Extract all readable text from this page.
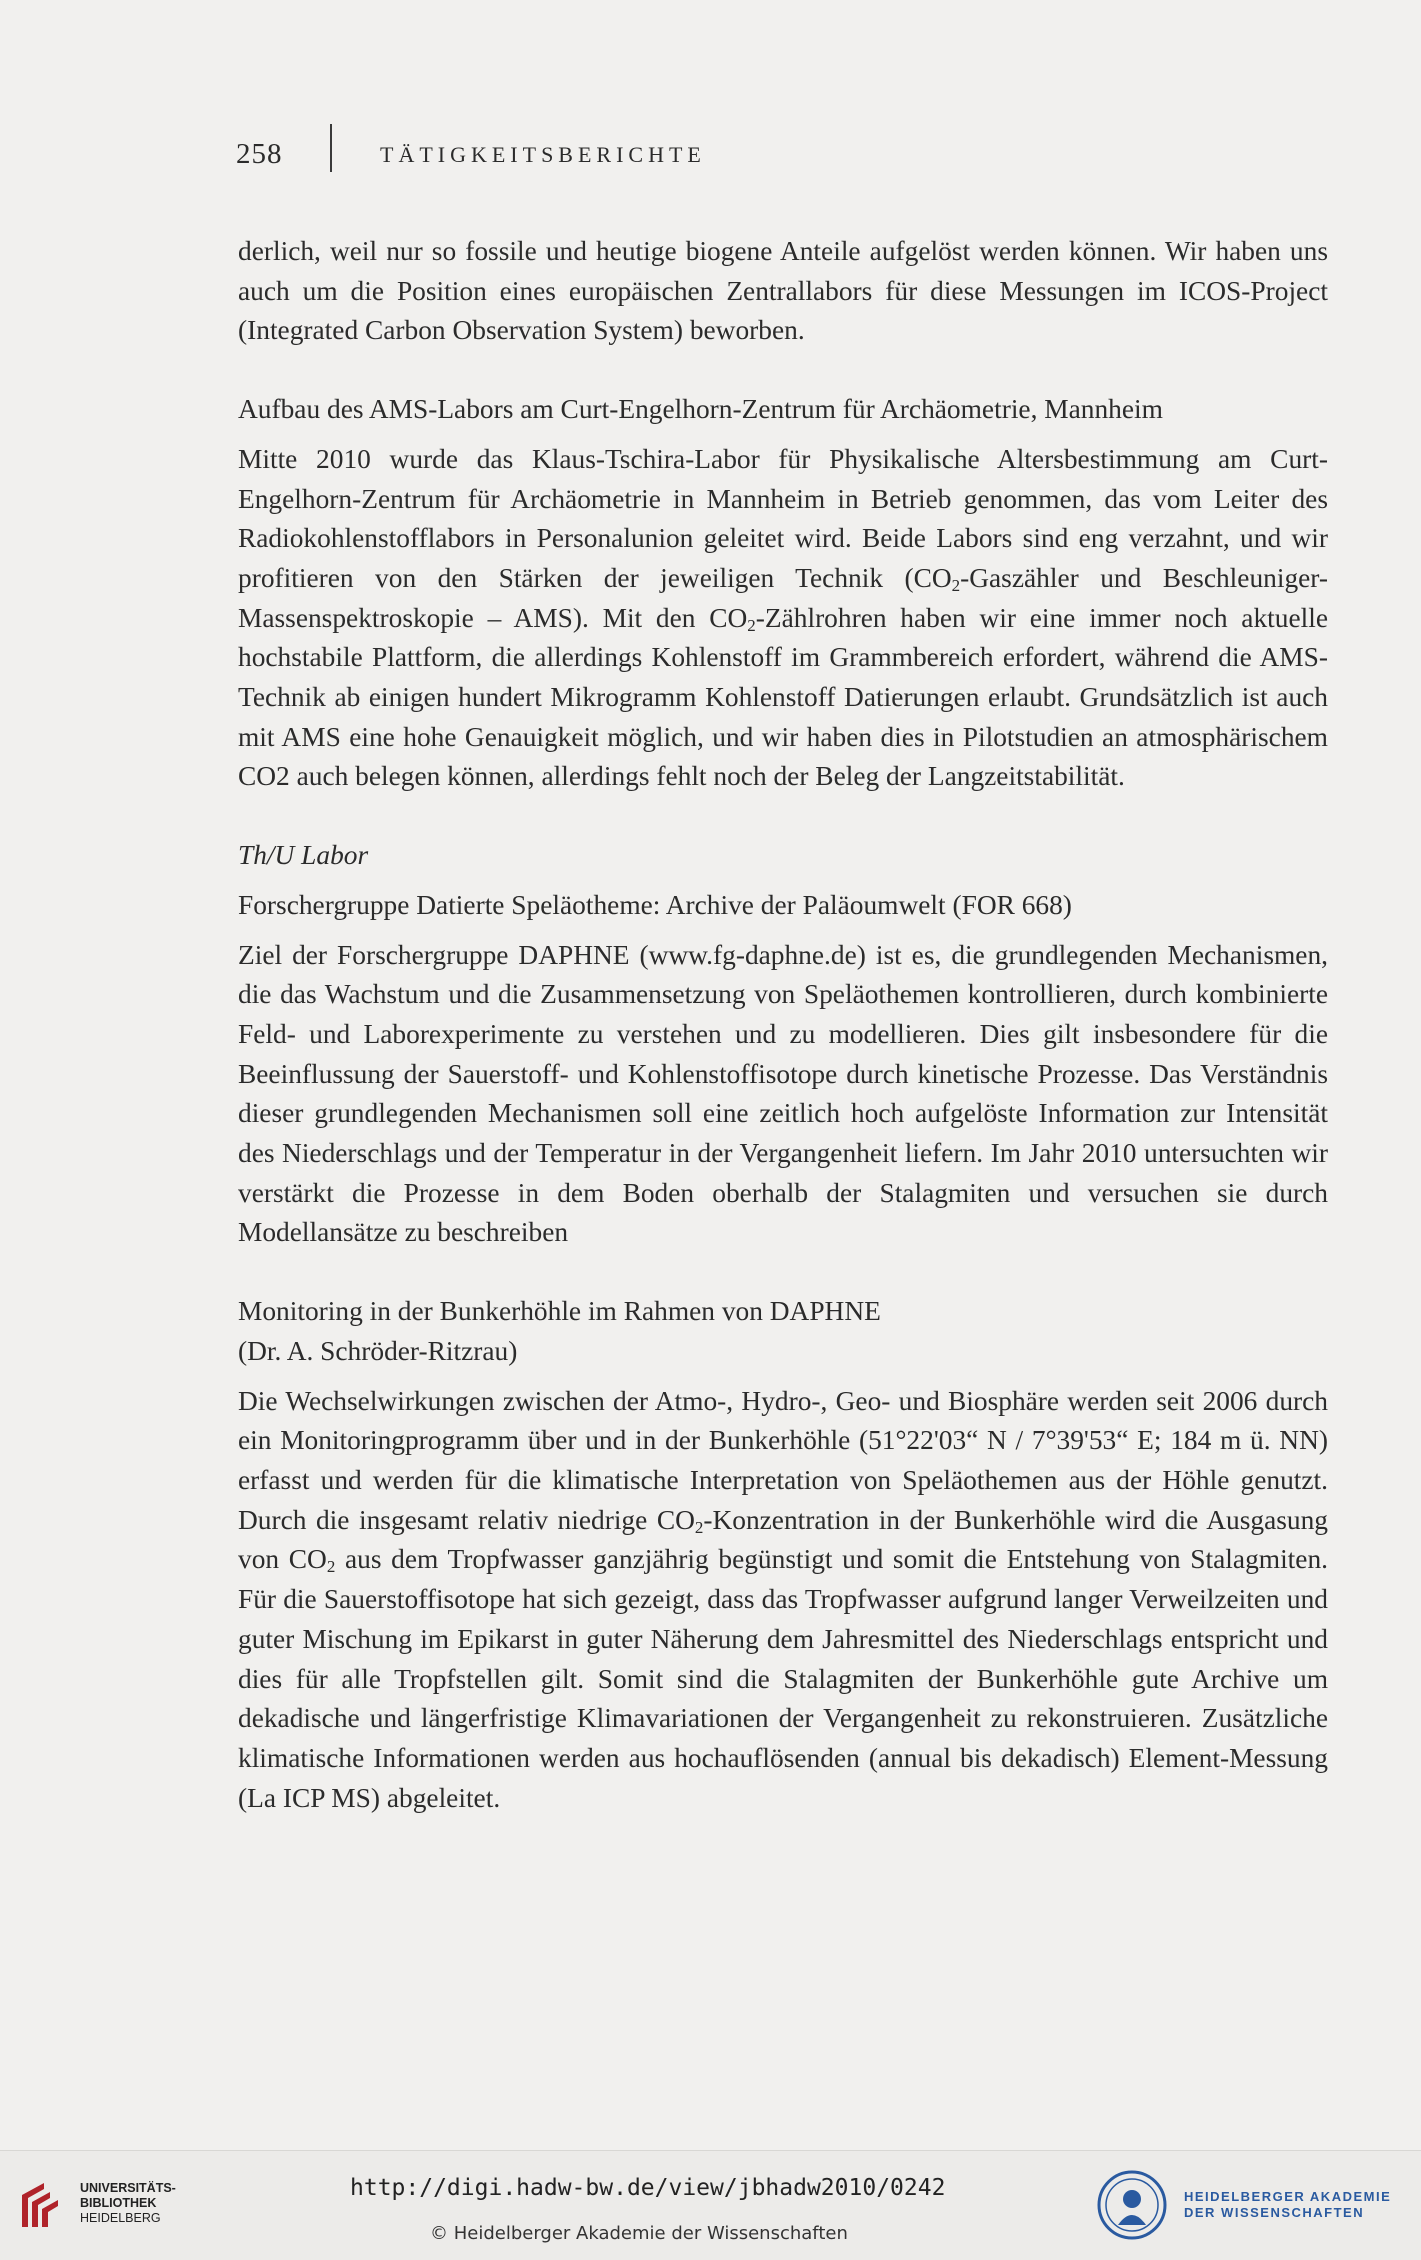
258	TÄTIGKEITSBERICHTE

derlich, weil nur so fossile und heutige biogene Anteile aufgelöst werden können. Wir haben uns auch um die Position eines europäischen Zentrallabors für diese Messungen im ICOS-Project (Integrated Carbon Observation System) beworben.

Aufbau des AMS-Labors am Curt-Engelhorn-Zentrum für Archäometrie, Mannheim

Mitte 2010 wurde das Klaus-Tschira-Labor für Physikalische Altersbestimmung am Curt-Engelhorn-Zentrum für Archäometrie in Mannheim in Betrieb genommen, das vom Leiter des Radiokohlenstofflabors in Personalunion geleitet wird. Beide Labors sind eng verzahnt, und wir profitieren von den Stärken der jeweiligen Technik ($CO_2$-Gaszähler und Beschleuniger-Massenspektroskopie – AMS). Mit den $CO_2$-Zählrohren haben wir eine immer noch aktuelle hochstabile Plattform, die allerdings Kohlenstoff im Grammbereich erfordert, während die AMS-Technik ab einigen hundert Mikrogramm Kohlenstoff Datierungen erlaubt. Grundsätzlich ist auch mit AMS eine hohe Genauigkeit möglich, und wir haben dies in Pilotstudien an atmosphärischem CO2 auch belegen können, allerdings fehlt noch der Beleg der Langzeitstabilität.

Th/U Labor

Forschergruppe Datierte Speläotheme: Archive der Paläoumwelt (FOR 668)

Ziel der Forschergruppe DAPHNE (www.fg-daphne.de) ist es, die grundlegenden Mechanismen, die das Wachstum und die Zusammensetzung von Speläothemen kontrollieren, durch kombinierte Feld- und Laborexperimente zu verstehen und zu modellieren. Dies gilt insbesondere für die Beeinflussung der Sauerstoff- und Kohlenstoffisotope durch kinetische Prozesse. Das Verständnis dieser grundlegenden Mechanismen soll eine zeitlich hoch aufgelöste Information zur Intensität des Niederschlags und der Temperatur in der Vergangenheit liefern. Im Jahr 2010 untersuchten wir verstärkt die Prozesse in dem Boden oberhalb der Stalagmiten und versuchen sie durch Modellansätze zu beschreiben

Monitoring in der Bunkerhöhle im Rahmen von DAPHNE
(Dr. A. Schröder-Ritzrau)

Die Wechselwirkungen zwischen der Atmo-, Hydro-, Geo- und Biosphäre werden seit 2006 durch ein Monitoringprogramm über und in der Bunkerhöhle (51°22'03“ N / 7°39'53“ E; 184 m ü. NN) erfasst und werden für die klimatische Interpretation von Speläothemen aus der Höhle genutzt. Durch die insgesamt relativ niedrige $CO_2$-Konzentration in der Bunkerhöhle wird die Ausgasung von $CO_2$ aus dem Tropfwasser ganzjährig begünstigt und somit die Entstehung von Stalagmiten. Für die Sauerstoffisotope hat sich gezeigt, dass das Tropfwasser aufgrund langer Verweilzeiten und guter Mischung im Epikarst in guter Näherung dem Jahresmittel des Niederschlags entspricht und dies für alle Tropfstellen gilt. Somit sind die Stalagmiten der Bunkerhöhle gute Archive um dekadische und längerfristige Klimavariationen der Vergangenheit zu rekonstruieren. Zusätzliche klimatische Informationen werden aus hochauflösenden (annual bis dekadisch) Element-Messung (La ICP MS) abgeleitet.

UNIVERSITÄTS-
BIBLIOTHEK
HEIDELBERG
http://digi.hadw-bw.de/view/jbhadw2010/0242
© Heidelberger Akademie der Wissenschaften
HEIDELBERGER AKADEMIE
DER WISSENSCHAFTEN
